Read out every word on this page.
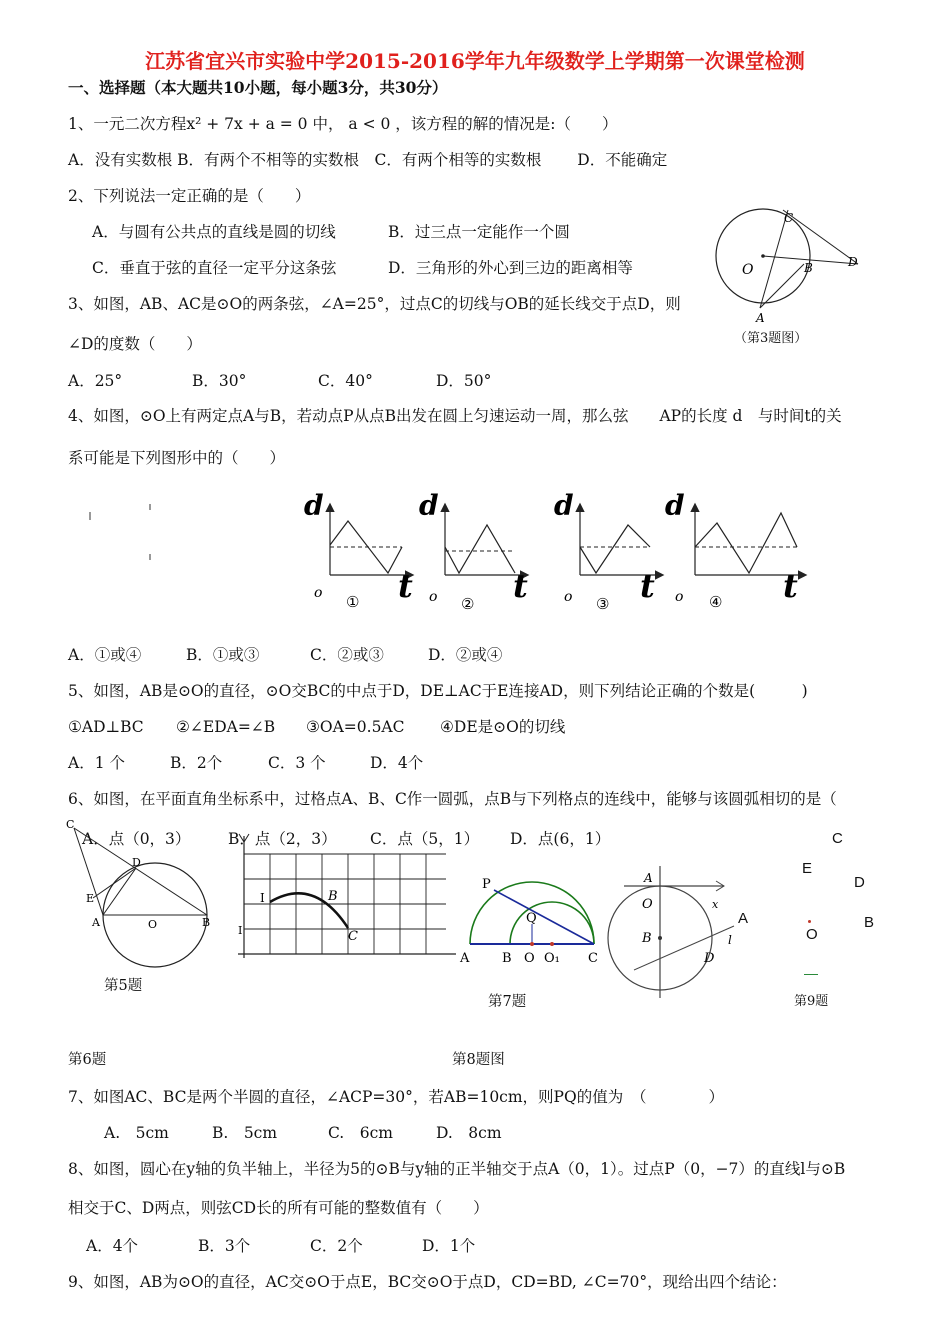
江苏省宜兴市实验中学2015-2016学年九年级数学上学期第一次课堂检测
一、选择题（本大题共10小题，每小题3分，共30分）
1、一元二次方程x² + 7x + a = 0 中， a < 0 ，该方程的解的情况是:（　　）
A．没有实数根 B．有两个不相等的实数根　C．有两个相等的实数根　　 D．不能确定
2、下列说法一定正确的是（　　）
A．与圆有公共点的直线是圆的切线	B．过三点一定能作一个圆
C．垂直于弦的直径一定平分这条弦	D．三角形的外心到三边的距离相等
C
O	B	D
A
（第3题图）
3、如图，AB、AC是⊙O的两条弦，∠A=25°，过点C的切线与OB的延长线交于点D，则
∠D的度数（　　）
A．25°	B．30°	C．40°	D．50°
4、如图，⊙O上有两定点A与B，若动点P从点B出发在圆上匀速运动一周，那么弦　　AP的长度 d　与时间t的关
系可能是下列图形中的（　　）
d
t
o ①
d
t
o ②
d
t
o ③
d
t
o ④
A．①或④	B．①或③	C．②或③	D．②或④
5、如图，AB是⊙O的直径，⊙O交BC的中点于D，DE⊥AC于E连接AD，则下列结论正确的个数是(　　　)
①AD⊥BC ②∠EDA=∠B ③OA=0.5AC ④DE是⊙O的切线
A．1 个	B．2个	C．3 个	D．4个
6、如图，在平面直角坐标系中，过格点A、B、C作一圆弧，点B与下列格点的连线中，能够与该圆弧相切的是（
A．点（0，3） B．点（2，3） C．点（5，1） D．点(6，1）
C
D
E
A	O	B
第5题
I
I
B
C
第6题
P
Q
A	B O O₁ C
第7题
A
O
B
D
x
l
第8题图
C
E
D
A
O
B
第9题
7、如图AC、BC是两个半圆的直径，∠ACP=30°，若AB=10cm，则PQ的值为　（　　　　）
A.　5cm	B.　5cm	C.　6cm	D.　8cm
8、如图，圆心在y轴的负半轴上，半径为5的⊙B与y轴的正半轴交于点A（0，1）。过点P（0，−7）的直线l与⊙B
相交于C、D两点，则弦CD长的所有可能的整数值有（　　）
A．4个	B．3个	C．2个	D．1个
9、如图，AB为⊙O的直径，AC交⊙O于点E，BC交⊙O于点D，CD=BD, ∠C=70°，现给出四个结论：
